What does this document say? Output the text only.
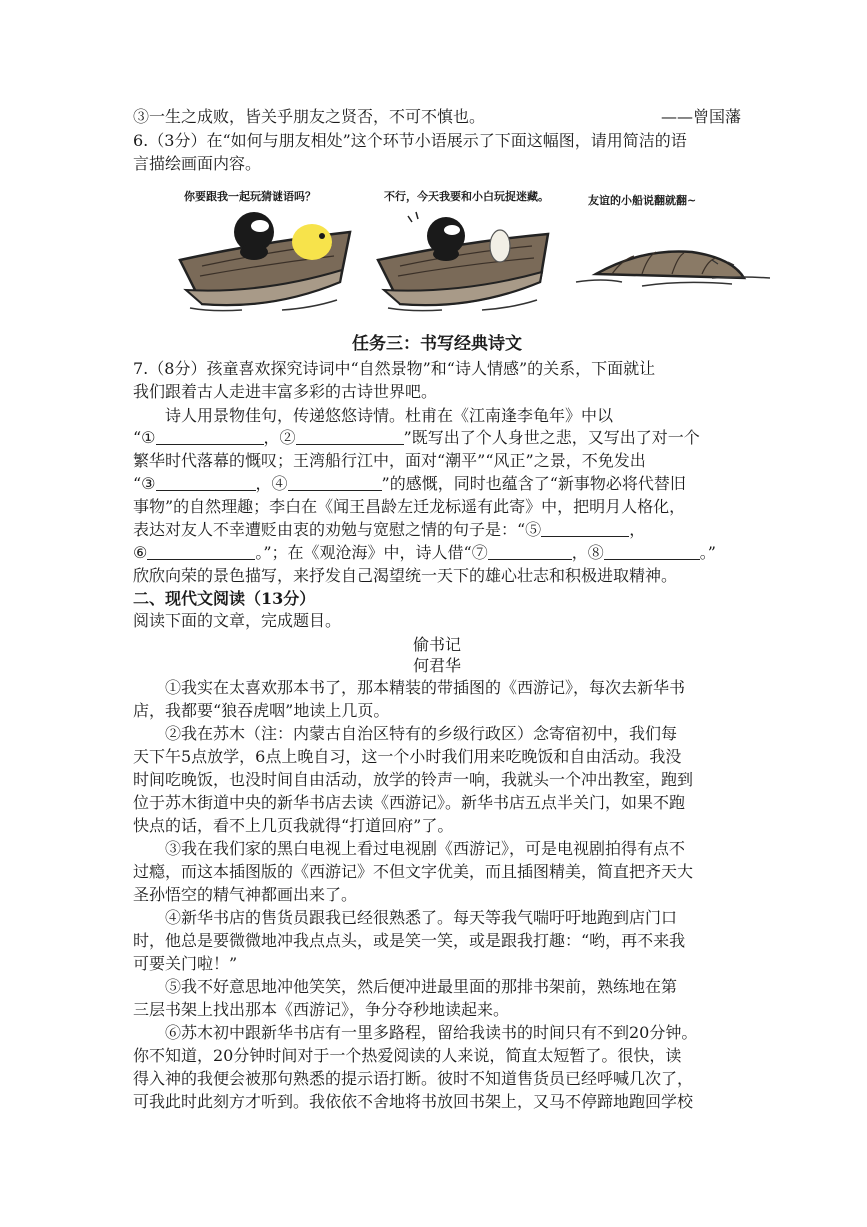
③一生之成败，皆关乎朋友之贤否，不可不慎也。	——曾国藩
6.（3分）在“如何与朋友相处”这个环节小语展示了下面这幅图，请用简洁的语
言描绘画面内容。
你要跟我一起玩猜谜语吗？	不行，今天我要和小白玩捉迷藏。	友谊的小船说翻就翻~
任务三：书写经典诗文
7.（8分）孩童喜欢探究诗词中“自然景物”和“诗人情感”的关系，下面就让
我们跟着古人走进丰富多彩的古诗世界吧。
诗人用景物佳句，传递悠悠诗情。杜甫在《江南逢李龟年》中以
“①	，②	”既写出了个人身世之悲，又写出了对一个
繁华时代落幕的慨叹；王湾船行江中，面对“潮平”“风正”之景，不免发出
“③	，④	”的感慨，同时也蕴含了“新事物必将代替旧
事物”的自然理趣；李白在《闻王昌龄左迁龙标遥有此寄》中，把明月人格化，
表达对友人不幸遭贬由衷的劝勉与宽慰之情的句子是：“⑤	，
⑥	。”；在《观沧海》中，诗人借“⑦	，⑧	。”
欣欣向荣的景色描写，来抒发自己渴望统一天下的雄心壮志和积极进取精神。
二、现代文阅读（13分）
阅读下面的文章，完成题目。
偷书记
何君华
①我实在太喜欢那本书了，那本精装的带插图的《西游记》，每次去新华书
店，我都要“狼吞虎咽”地读上几页。
②我在苏木（注：内蒙古自治区特有的乡级行政区）念寄宿初中，我们每
天下午5点放学，6点上晚自习，这一个小时我们用来吃晚饭和自由活动。我没
时间吃晚饭，也没时间自由活动，放学的铃声一响，我就头一个冲出教室，跑到
位于苏木街道中央的新华书店去读《西游记》。新华书店五点半关门，如果不跑
快点的话，看不上几页我就得“打道回府”了。
③我在我们家的黑白电视上看过电视剧《西游记》，可是电视剧拍得有点不
过瘾，而这本插图版的《西游记》不但文字优美，而且插图精美，简直把齐天大
圣孙悟空的精气神都画出来了。
④新华书店的售货员跟我已经很熟悉了。每天等我气喘吁吁地跑到店门口
时，他总是要微微地冲我点点头，或是笑一笑，或是跟我打趣：“哟，再不来我
可要关门啦！”
⑤我不好意思地冲他笑笑，然后便冲进最里面的那排书架前，熟练地在第
三层书架上找出那本《西游记》，争分夺秒地读起来。
⑥苏木初中跟新华书店有一里多路程，留给我读书的时间只有不到20分钟。
你不知道，20分钟时间对于一个热爱阅读的人来说，简直太短暂了。很快，读
得入神的我便会被那句熟悉的提示语打断。彼时不知道售货员已经呼喊几次了，
可我此时此刻方才听到。我依依不舍地将书放回书架上，又马不停蹄地跑回学校
